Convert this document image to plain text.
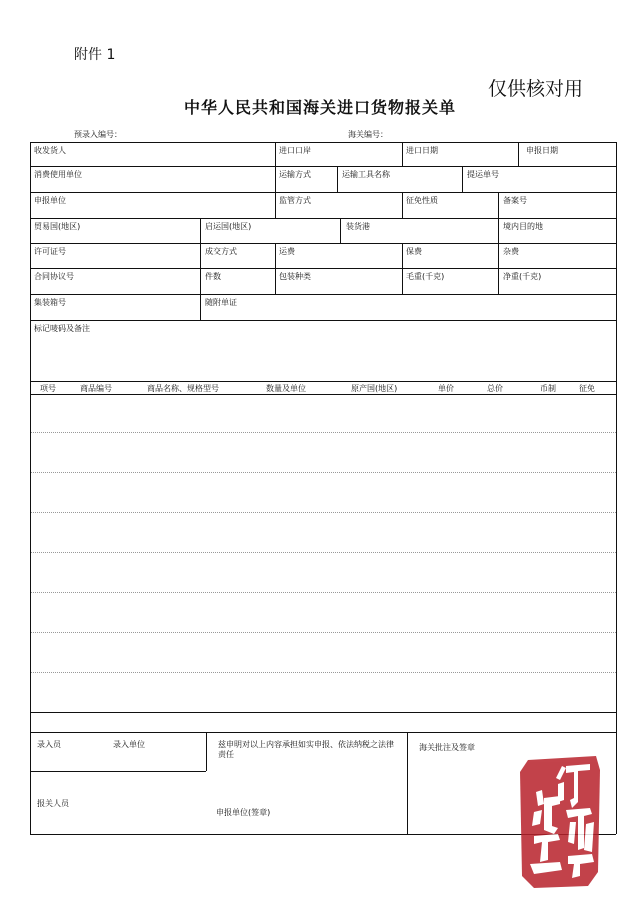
附件 1
仅供核对用
中华人民共和国海关进口货物报关单
预录入编号：	海关编号：
收发货人	进口口岸	进口日期	申报日期
消费使用单位	运输方式	运输工具名称	提运单号
申报单位	监管方式	征免性质	备案号
贸易国(地区)	启运国(地区)	装货港	境内目的地
许可证号	成交方式	运费	保费	杂费
合同协议号	件数	包装种类	毛重(千克)	净重(千克)
集装箱号	随附单证
标记唛码及备注
项号	商品编号	商品名称、规格型号	数量及单位	原产国(地区)	单价	总价	币制	征免
录入员	录入单位	兹申明对以上内容承担如实申报、依法纳税之法律责任
海关批注及签章
报关人员
申报单位(签章)
